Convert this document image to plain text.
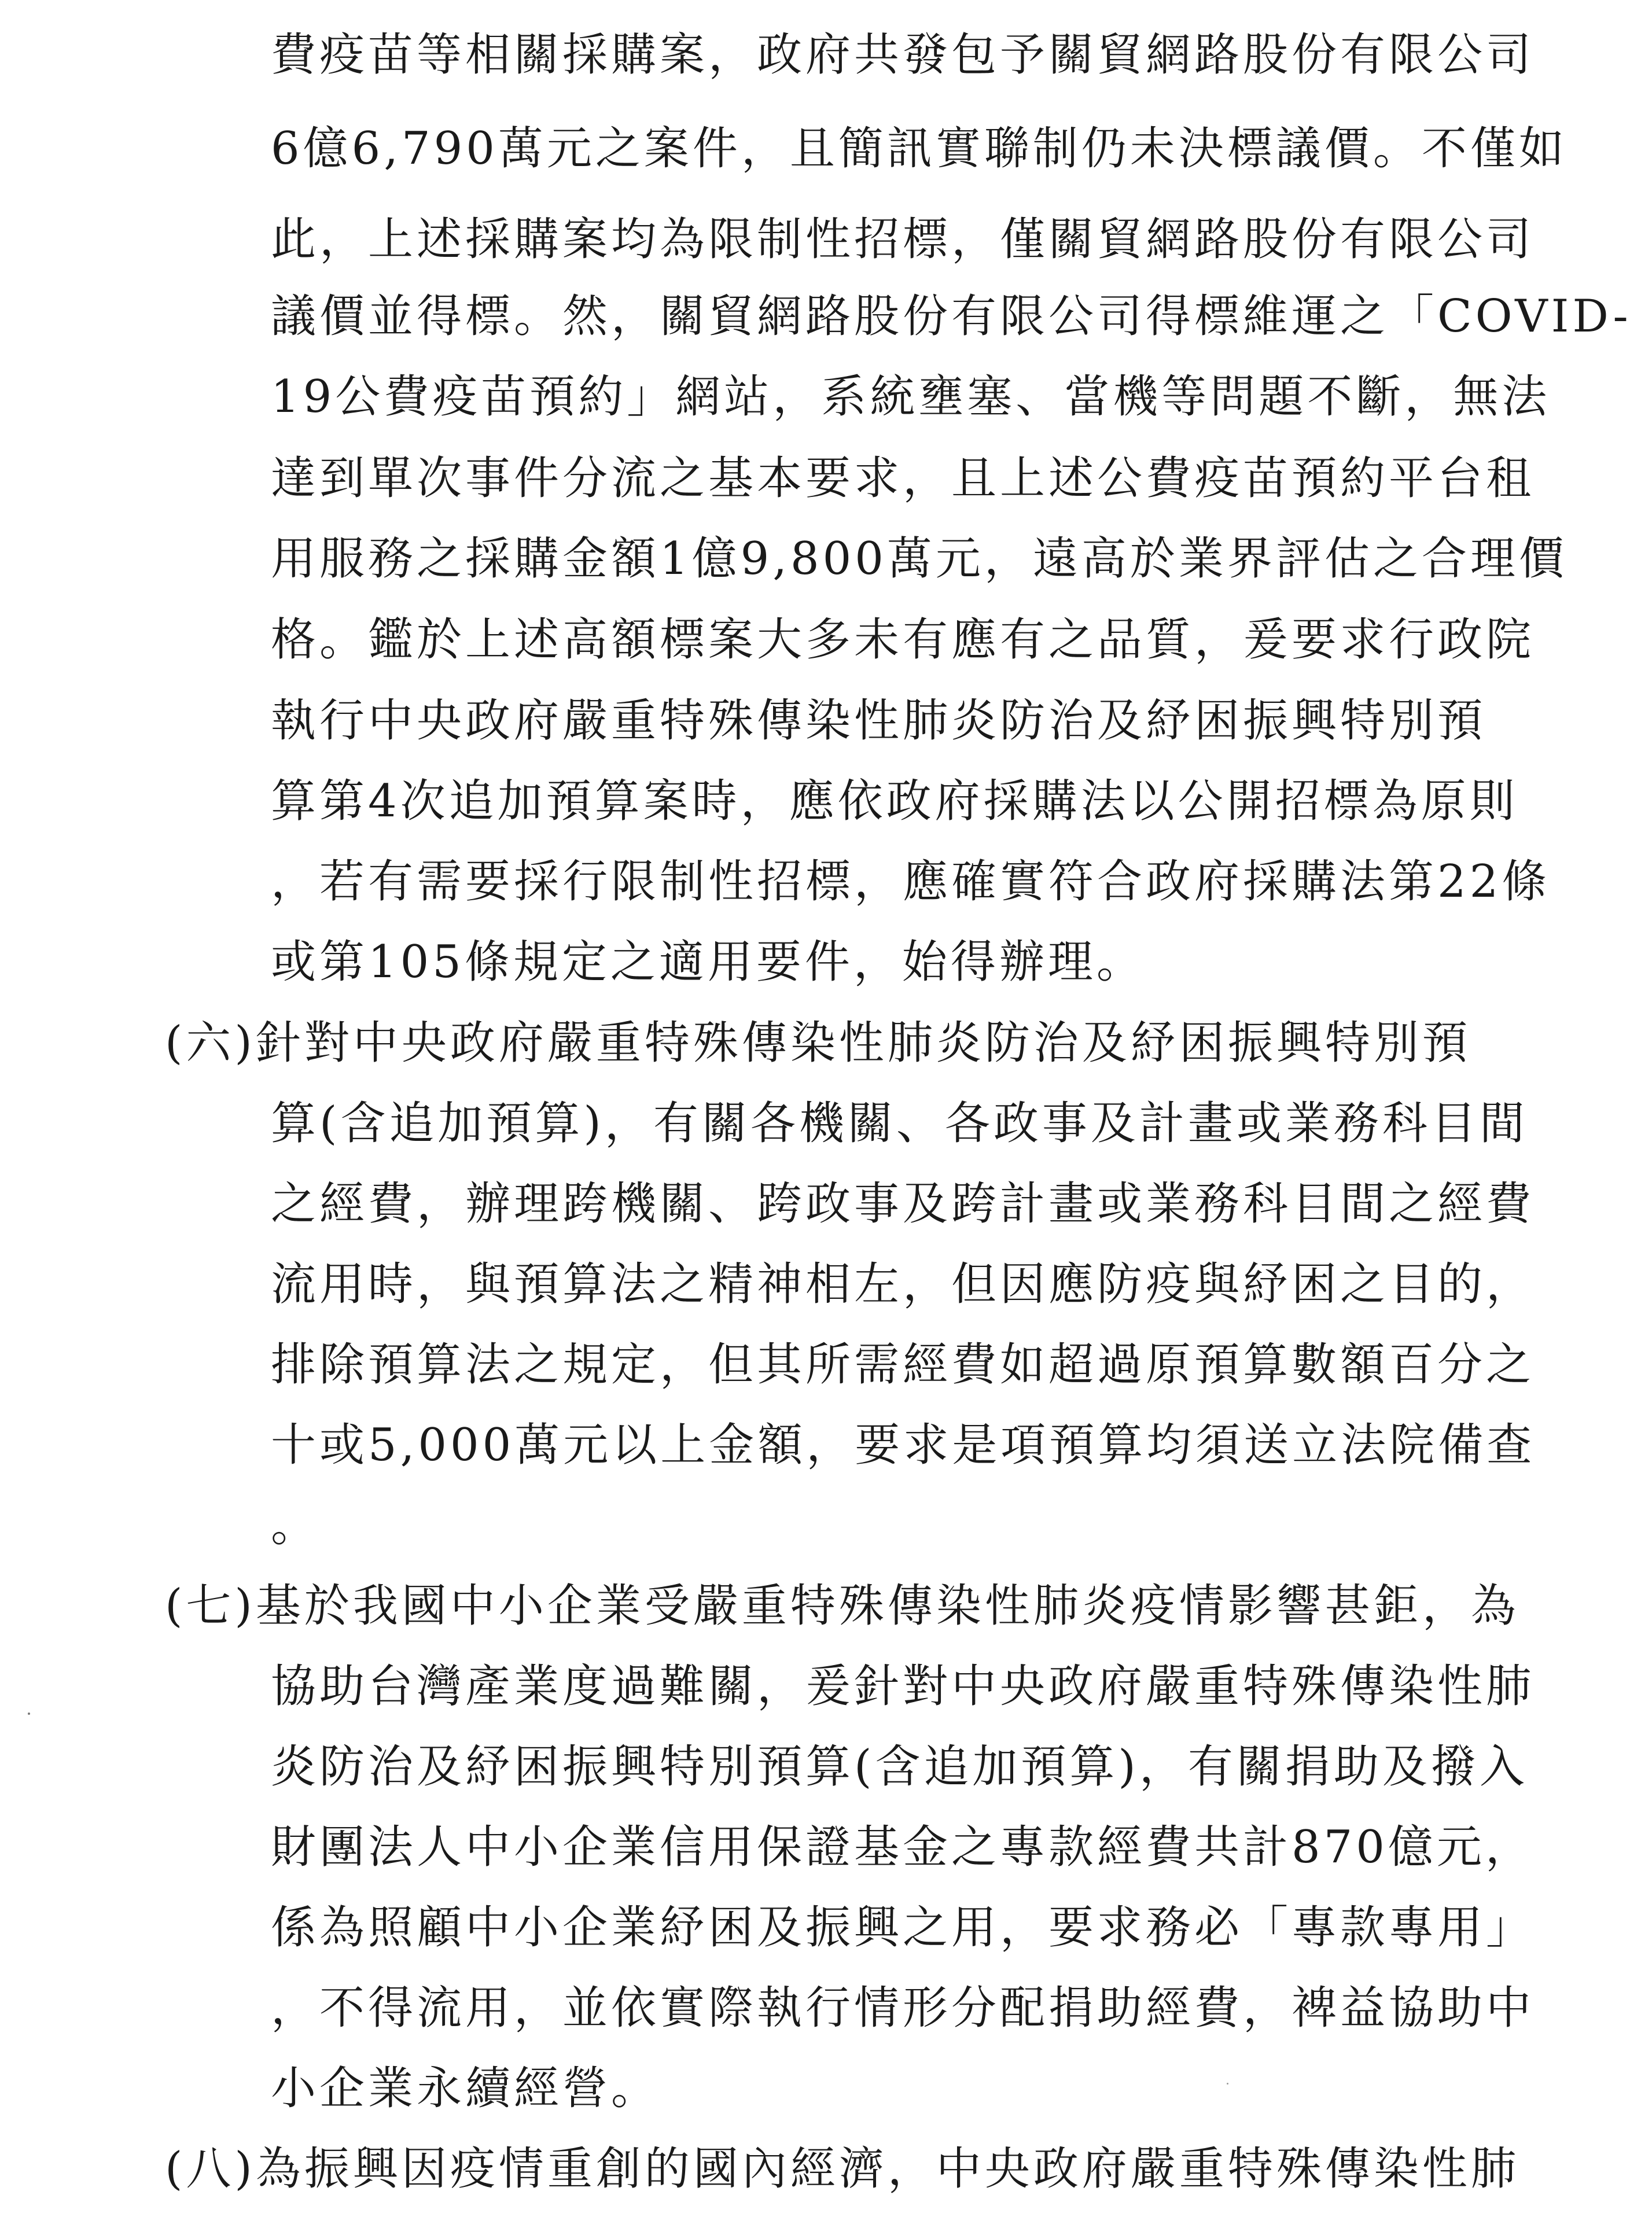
費疫苗等相關採購案，政府共發包予關貿網路股份有限公司
6億6,790萬元之案件，且簡訊實聯制仍未決標議價。不僅如
此，上述採購案均為限制性招標，僅關貿網路股份有限公司
議價並得標。然，關貿網路股份有限公司得標維運之「COVID-
19公費疫苗預約」網站，系統壅塞、當機等問題不斷，無法
達到單次事件分流之基本要求，且上述公費疫苗預約平台租
用服務之採購金額1億9,800萬元，遠高於業界評估之合理價
格。鑑於上述高額標案大多未有應有之品質，爰要求行政院
執行中央政府嚴重特殊傳染性肺炎防治及紓困振興特別預
算第4次追加預算案時，應依政府採購法以公開招標為原則
，若有需要採行限制性招標，應確實符合政府採購法第22條
或第105條規定之適用要件，始得辦理。
(六)針對中央政府嚴重特殊傳染性肺炎防治及紓困振興特別預
算(含追加預算)，有關各機關、各政事及計畫或業務科目間
之經費，辦理跨機關、跨政事及跨計畫或業務科目間之經費
流用時，與預算法之精神相左，但因應防疫與紓困之目的，
排除預算法之規定，但其所需經費如超過原預算數額百分之
十或5,000萬元以上金額，要求是項預算均須送立法院備查
。
(七)基於我國中小企業受嚴重特殊傳染性肺炎疫情影響甚鉅，為
協助台灣產業度過難關，爰針對中央政府嚴重特殊傳染性肺
炎防治及紓困振興特別預算(含追加預算)，有關捐助及撥入
財團法人中小企業信用保證基金之專款經費共計870億元，
係為照顧中小企業紓困及振興之用，要求務必「專款專用」
，不得流用，並依實際執行情形分配捐助經費，裨益協助中
小企業永續經營。
(八)為振興因疫情重創的國內經濟，中央政府嚴重特殊傳染性肺
